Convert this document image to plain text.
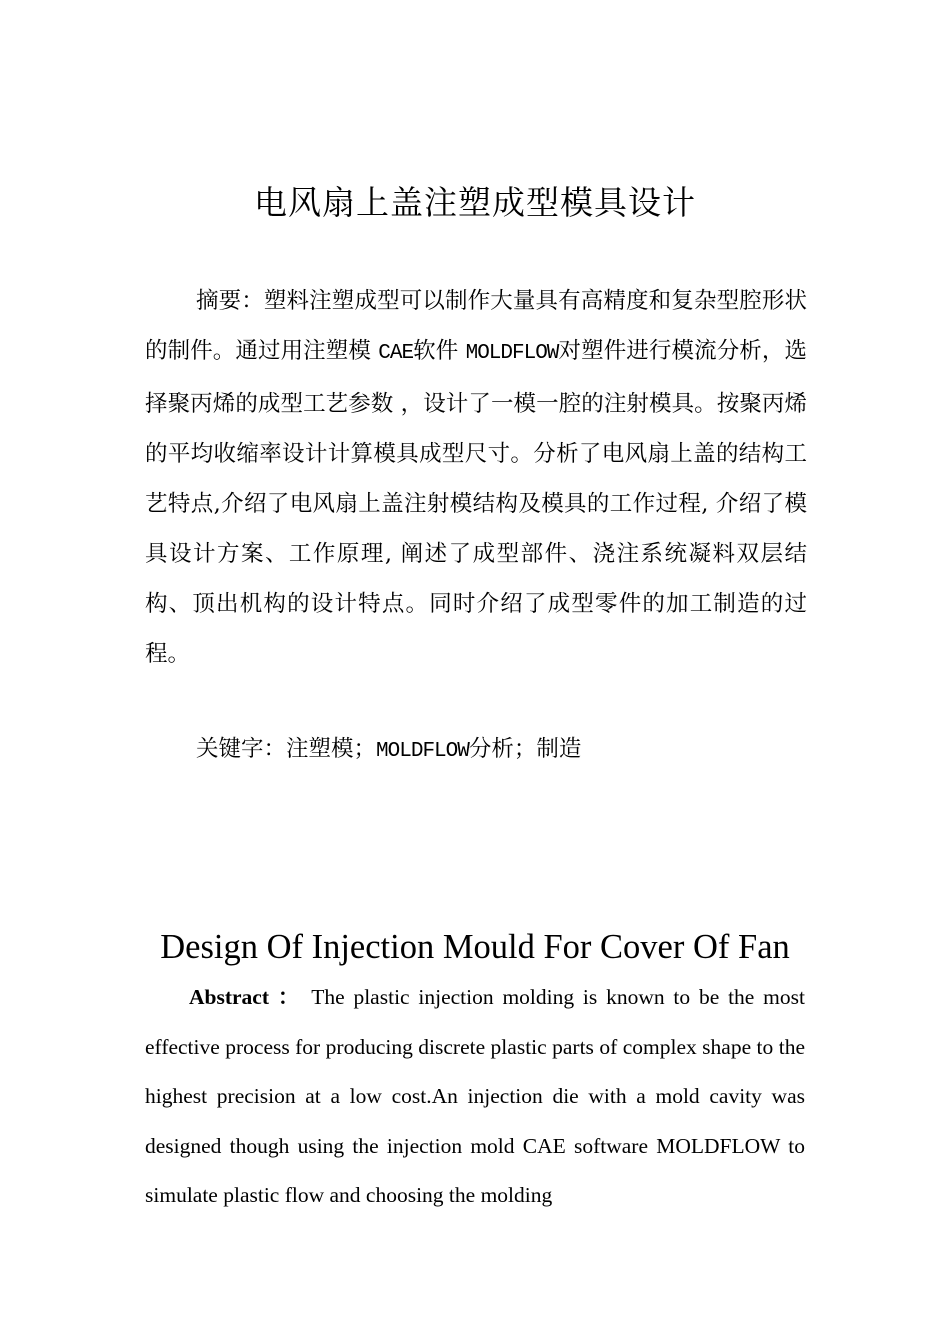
电风扇上盖注塑成型模具设计
摘要：塑料注塑成型可以制作大量具有高精度和复杂型腔形状的制件。通过用注塑模 CAE软件 MOLDFLOW对塑件进行模流分析，选择聚丙烯的成型工艺参数 ，设计了一模一腔的注射模具。按聚丙烯的平均收缩率设计计算模具成型尺寸。分析了电风扇上盖的结构工艺特点,介绍了电风扇上盖注射模结构及模具的工作过程, 介绍了模具设计方案、工作原理, 阐述了成型部件、浇注系统凝料双层结构、顶出机构的设计特点。同时介绍了成型零件的加工制造的过程。
关键字：注塑模；MOLDFLOW分析；制造
Design Of Injection Mould For Cover Of Fan
Abstract ： The plastic injection molding is known to be the most effective process for producing discrete plastic parts of complex shape to the highest precision at a low cost.An injection die with a mold cavity was designed though using the injection mold CAE software MOLDFLOW to simulate plastic flow and choosing the molding
